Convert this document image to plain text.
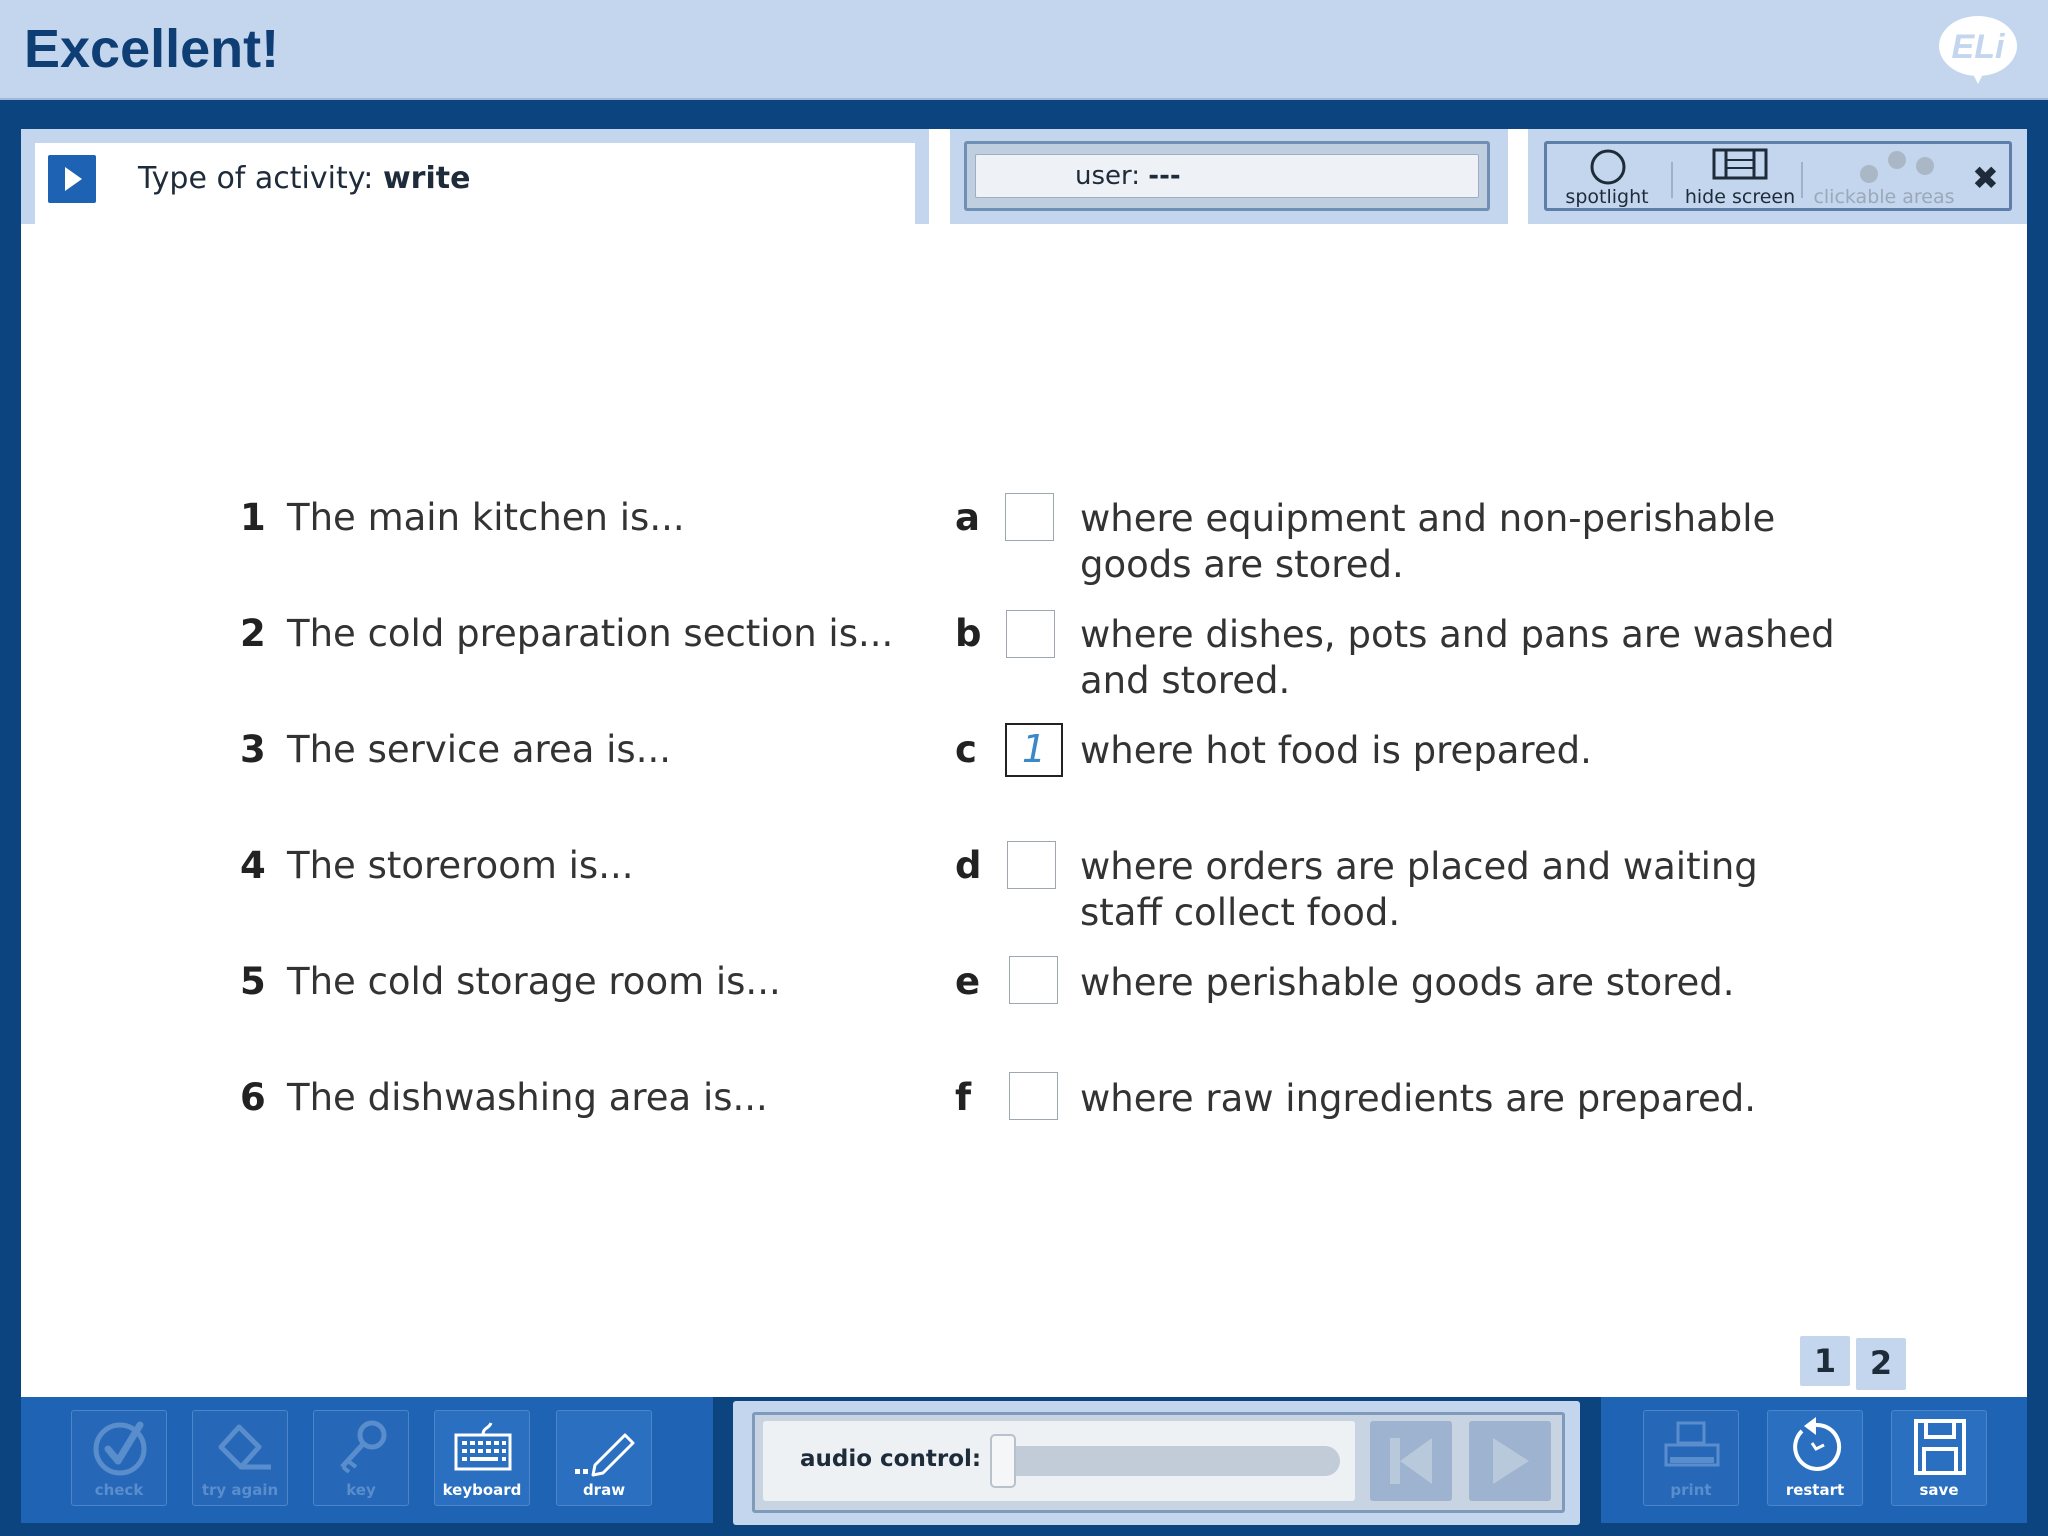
Excellent!	ELi
Type of activity: write	user: ---
spotlight hide screen clickable areas ✖
1 The main kitchen is...
2 The cold preparation section is...
3 The service area is...
4 The storeroom is...
5 The cold storage room is...
6 The dishwashing area is...
a	where equipment and non-perishable goods are stored.
b	where dishes, pots and pans are washed and stored.
c	1 where hot food is prepared.
d	where orders are placed and waiting staff collect food.
e	where perishable goods are stored.
f	where raw ingredients are prepared.
1	2
check	try again	key	keyboard	draw	print	restart	save
audio control:
